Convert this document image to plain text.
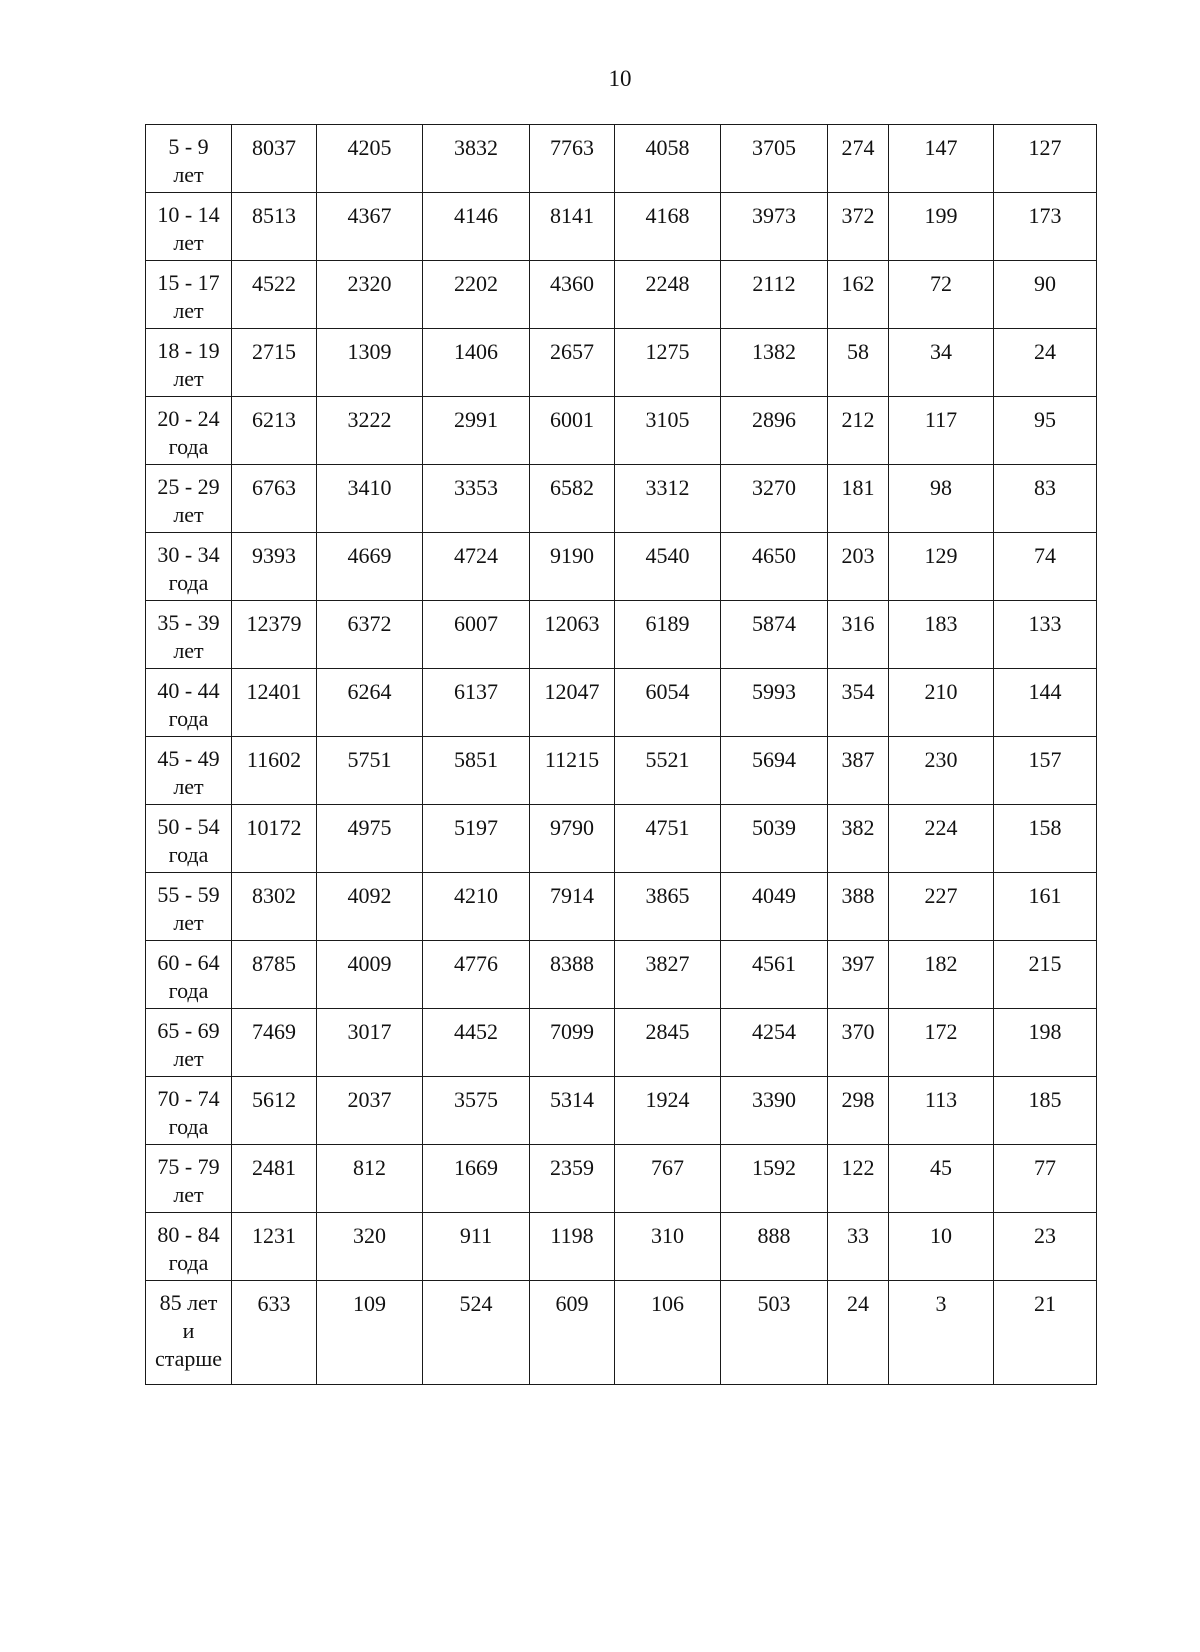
10
5 - 9
лет	8037	4205	3832	7763	4058	3705	274	147	127

10 - 14
лет	8513	4367	4146	8141	4168	3973	372	199	173

15 - 17
лет	4522	2320	2202	4360	2248	2112	162	72	90

18 - 19
лет	2715	1309	1406	2657	1275	1382	58	34	24

20 - 24
года	6213	3222	2991	6001	3105	2896	212	117	95

25 - 29
лет	6763	3410	3353	6582	3312	3270	181	98	83

30 - 34
года	9393	4669	4724	9190	4540	4650	203	129	74

35 - 39
лет	12379	6372	6007	12063	6189	5874	316	183	133

40 - 44
года	12401	6264	6137	12047	6054	5993	354	210	144

45 - 49
лет	11602	5751	5851	11215	5521	5694	387	230	157

50 - 54
года	10172	4975	5197	9790	4751	5039	382	224	158

55 - 59
лет	8302	4092	4210	7914	3865	4049	388	227	161

60 - 64
года	8785	4009	4776	8388	3827	4561	397	182	215

65 - 69
лет	7469	3017	4452	7099	2845	4254	370	172	198

70 - 74
года	5612	2037	3575	5314	1924	3390	298	113	185

75 - 79
лет	2481	812	1669	2359	767	1592	122	45	77

80 - 84
года	1231	320	911	1198	310	888	33	10	23

85 лет
и
старше	633	109	524	609	106	503	24	3	21
